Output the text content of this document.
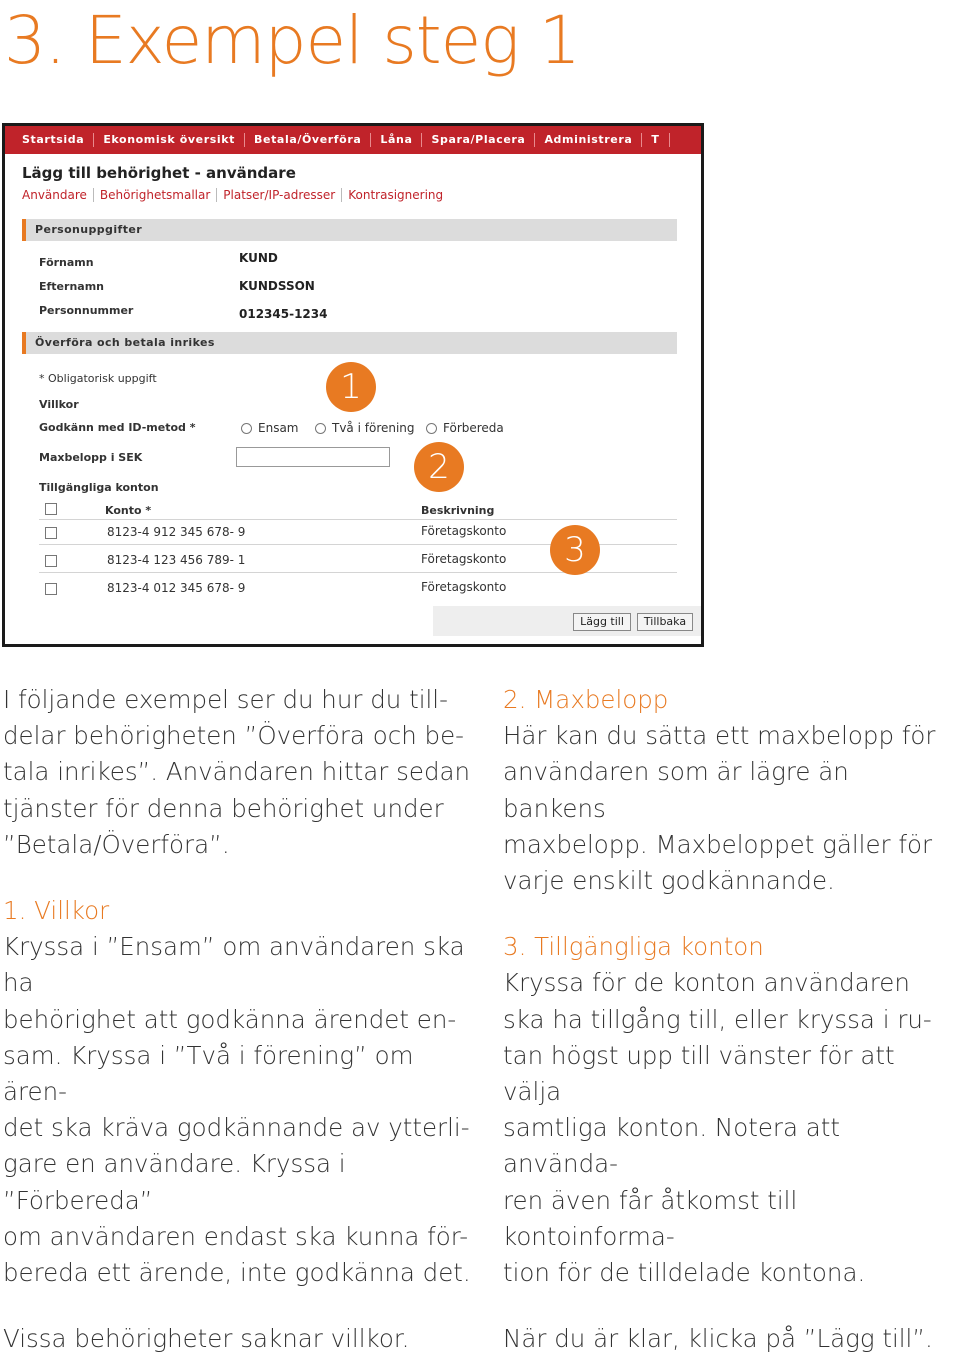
3. Exempel steg 1
Startsida	Ekonomisk översikt	Betala/Överföra	Låna	Spara/Placera	Administrera	T
Lägg till behörighet - användare
Användare	Behörighetsmallar	Platser/IP-adresser	Kontrasignering
Personuppgifter
Förnamn	KUND
Efternamn	KUNDSSON
Personnummer	012345-1234
Överföra och betala inrikes
* Obligatorisk uppgift
Villkor
Godkänn med ID-metod *	Ensam	Två i förening Förbereda
Maxbelopp i SEK
Tillgängliga konton
Konto *	Beskrivning
8123-4 912 345 678- 9	Företagskonto
8123-4 123 456 789- 1	Företagskonto
8123-4 012 345 678- 9	Företagskonto
Lägg till	Tillbaka
1
2
3

I följande exempel ser du hur du till-

delar behörigheten ”Överföra och be-

tala inrikes”. Användaren hittar sedan

tjänster för denna behörighet under

”Betala/Överföra”.

1. Villkor

Kryssa i ”Ensam” om användaren ska ha

behörighet att godkänna ärendet en-

sam. Kryssa i ”Två i förening” om ären-

det ska kräva godkännande av ytterli-

gare en användare. Kryssa i ”Förbereda”

om användaren endast ska kunna för-

bereda ett ärende, inte godkänna det.

Vissa behörigheter saknar villkor.

2. Maxbelopp

Här kan du sätta ett maxbelopp för

användaren som är lägre än bankens

maxbelopp. Maxbeloppet gäller för

varje enskilt godkännande.

3. Tillgängliga konton

Kryssa för de konton användaren

ska ha tillgång till, eller kryssa i ru-

tan högst upp till vänster för att välja

samtliga konton. Notera att använda-

ren även får åtkomst till kontoinforma-

tion för de tilldelade kontona.

När du är klar, klicka på ”Lägg till”.
